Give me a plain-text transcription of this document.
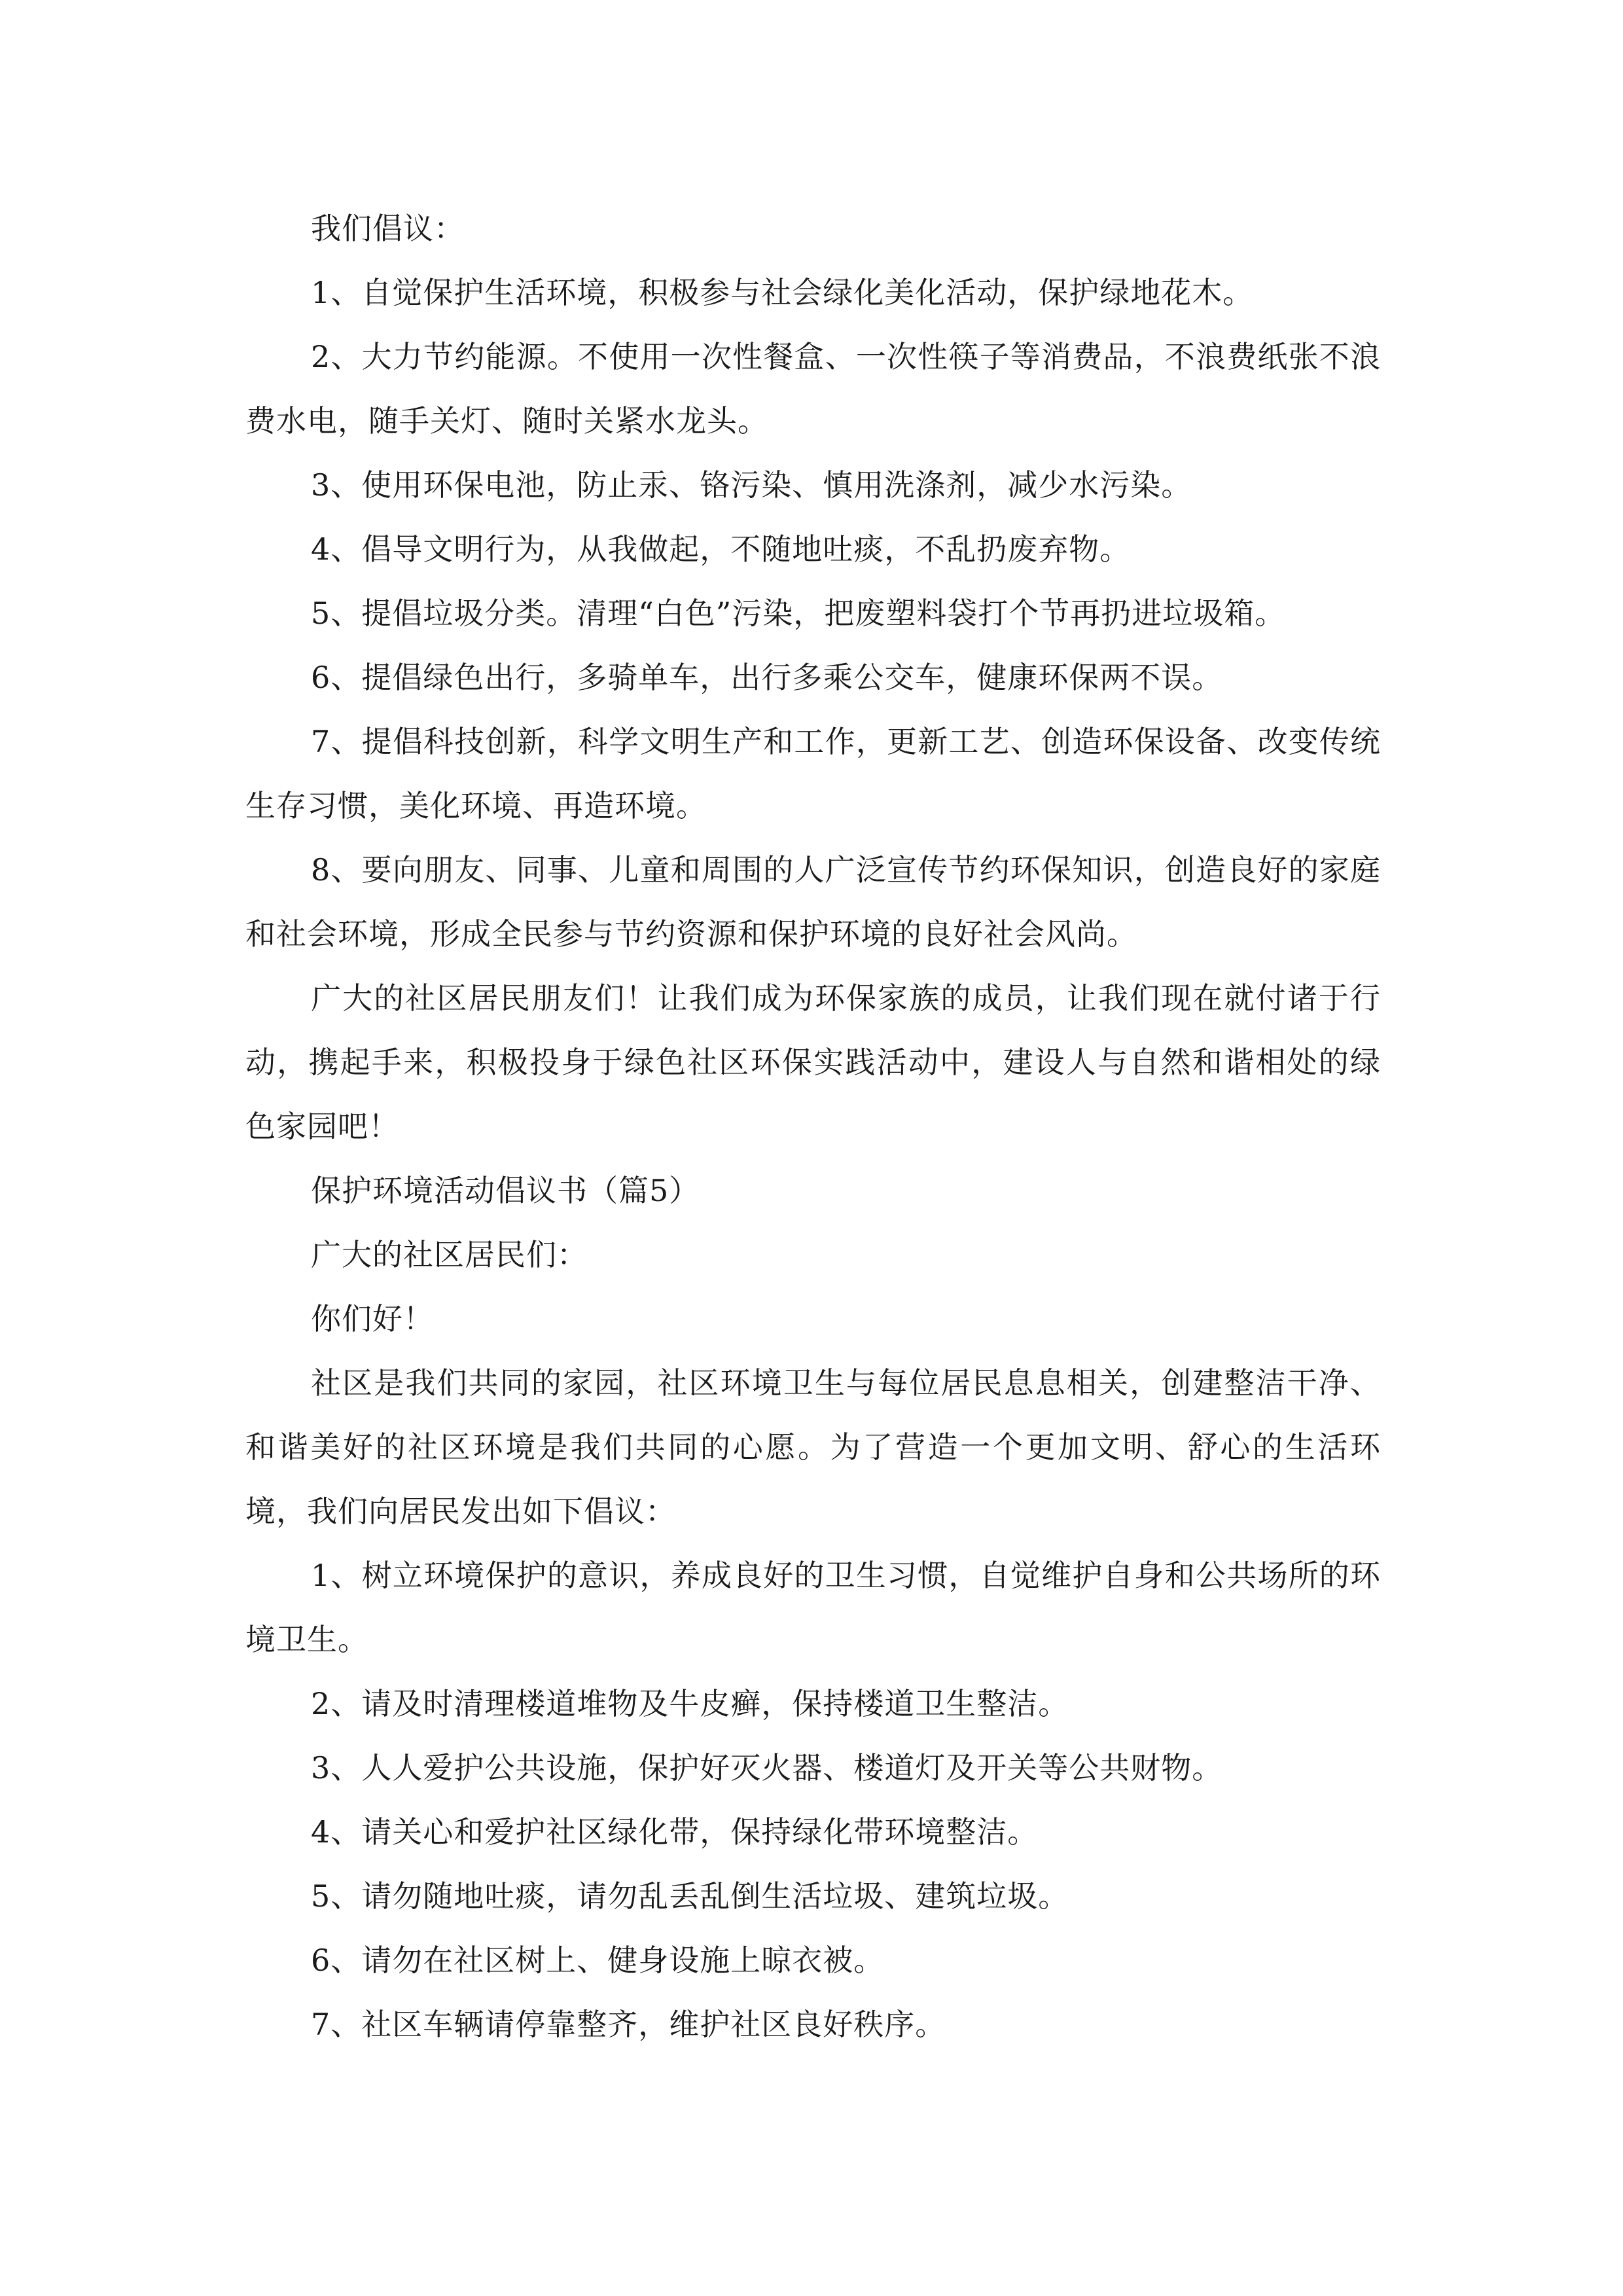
我们倡议：

1、自觉保护生活环境，积极参与社会绿化美化活动，保护绿地花木。

2、大力节约能源。不使用一次性餐盒、一次性筷子等消费品，不浪费纸张不浪费水电，随手关灯、随时关紧水龙头。

3、使用环保电池，防止汞、铬污染、慎用洗涤剂，减少水污染。

4、倡导文明行为，从我做起，不随地吐痰，不乱扔废弃物。

5、提倡垃圾分类。清理“白色”污染，把废塑料袋打个节再扔进垃圾箱。

6、提倡绿色出行，多骑单车，出行多乘公交车，健康环保两不误。

7、提倡科技创新，科学文明生产和工作，更新工艺、创造环保设备、改变传统生存习惯，美化环境、再造环境。

8、要向朋友、同事、儿童和周围的人广泛宣传节约环保知识，创造良好的家庭和社会环境，形成全民参与节约资源和保护环境的良好社会风尚。

广大的社区居民朋友们！让我们成为环保家族的成员，让我们现在就付诸于行动，携起手来，积极投身于绿色社区环保实践活动中，建设人与自然和谐相处的绿色家园吧！

保护环境活动倡议书（篇5）

广大的社区居民们：

你们好！

社区是我们共同的家园，社区环境卫生与每位居民息息相关，创建整洁干净、和谐美好的社区环境是我们共同的心愿。为了营造一个更加文明、舒心的生活环境，我们向居民发出如下倡议：

1、树立环境保护的意识，养成良好的卫生习惯，自觉维护自身和公共场所的环境卫生。

2、请及时清理楼道堆物及牛皮癣，保持楼道卫生整洁。

3、人人爱护公共设施，保护好灭火器、楼道灯及开关等公共财物。

4、请关心和爱护社区绿化带，保持绿化带环境整洁。

5、请勿随地吐痰，请勿乱丢乱倒生活垃圾、建筑垃圾。

6、请勿在社区树上、健身设施上晾衣被。

7、社区车辆请停靠整齐，维护社区良好秩序。
